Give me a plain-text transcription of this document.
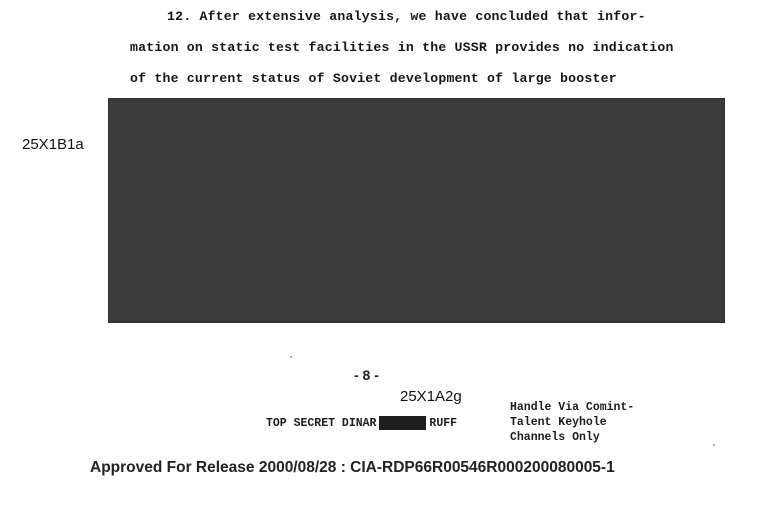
12. After extensive analysis, we have concluded that infor-
mation on static test facilities in the USSR provides no indication
of the current status of Soviet development of large booster
25X1B1a
- 8 -
25X1A2g
TOP SECRET DINAR	RUFF
Handle Via Comint-
Talent Keyhole
Channels Only
Approved For Release 2000/08/28 : CIA-RDP66R00546R000200080005-1
